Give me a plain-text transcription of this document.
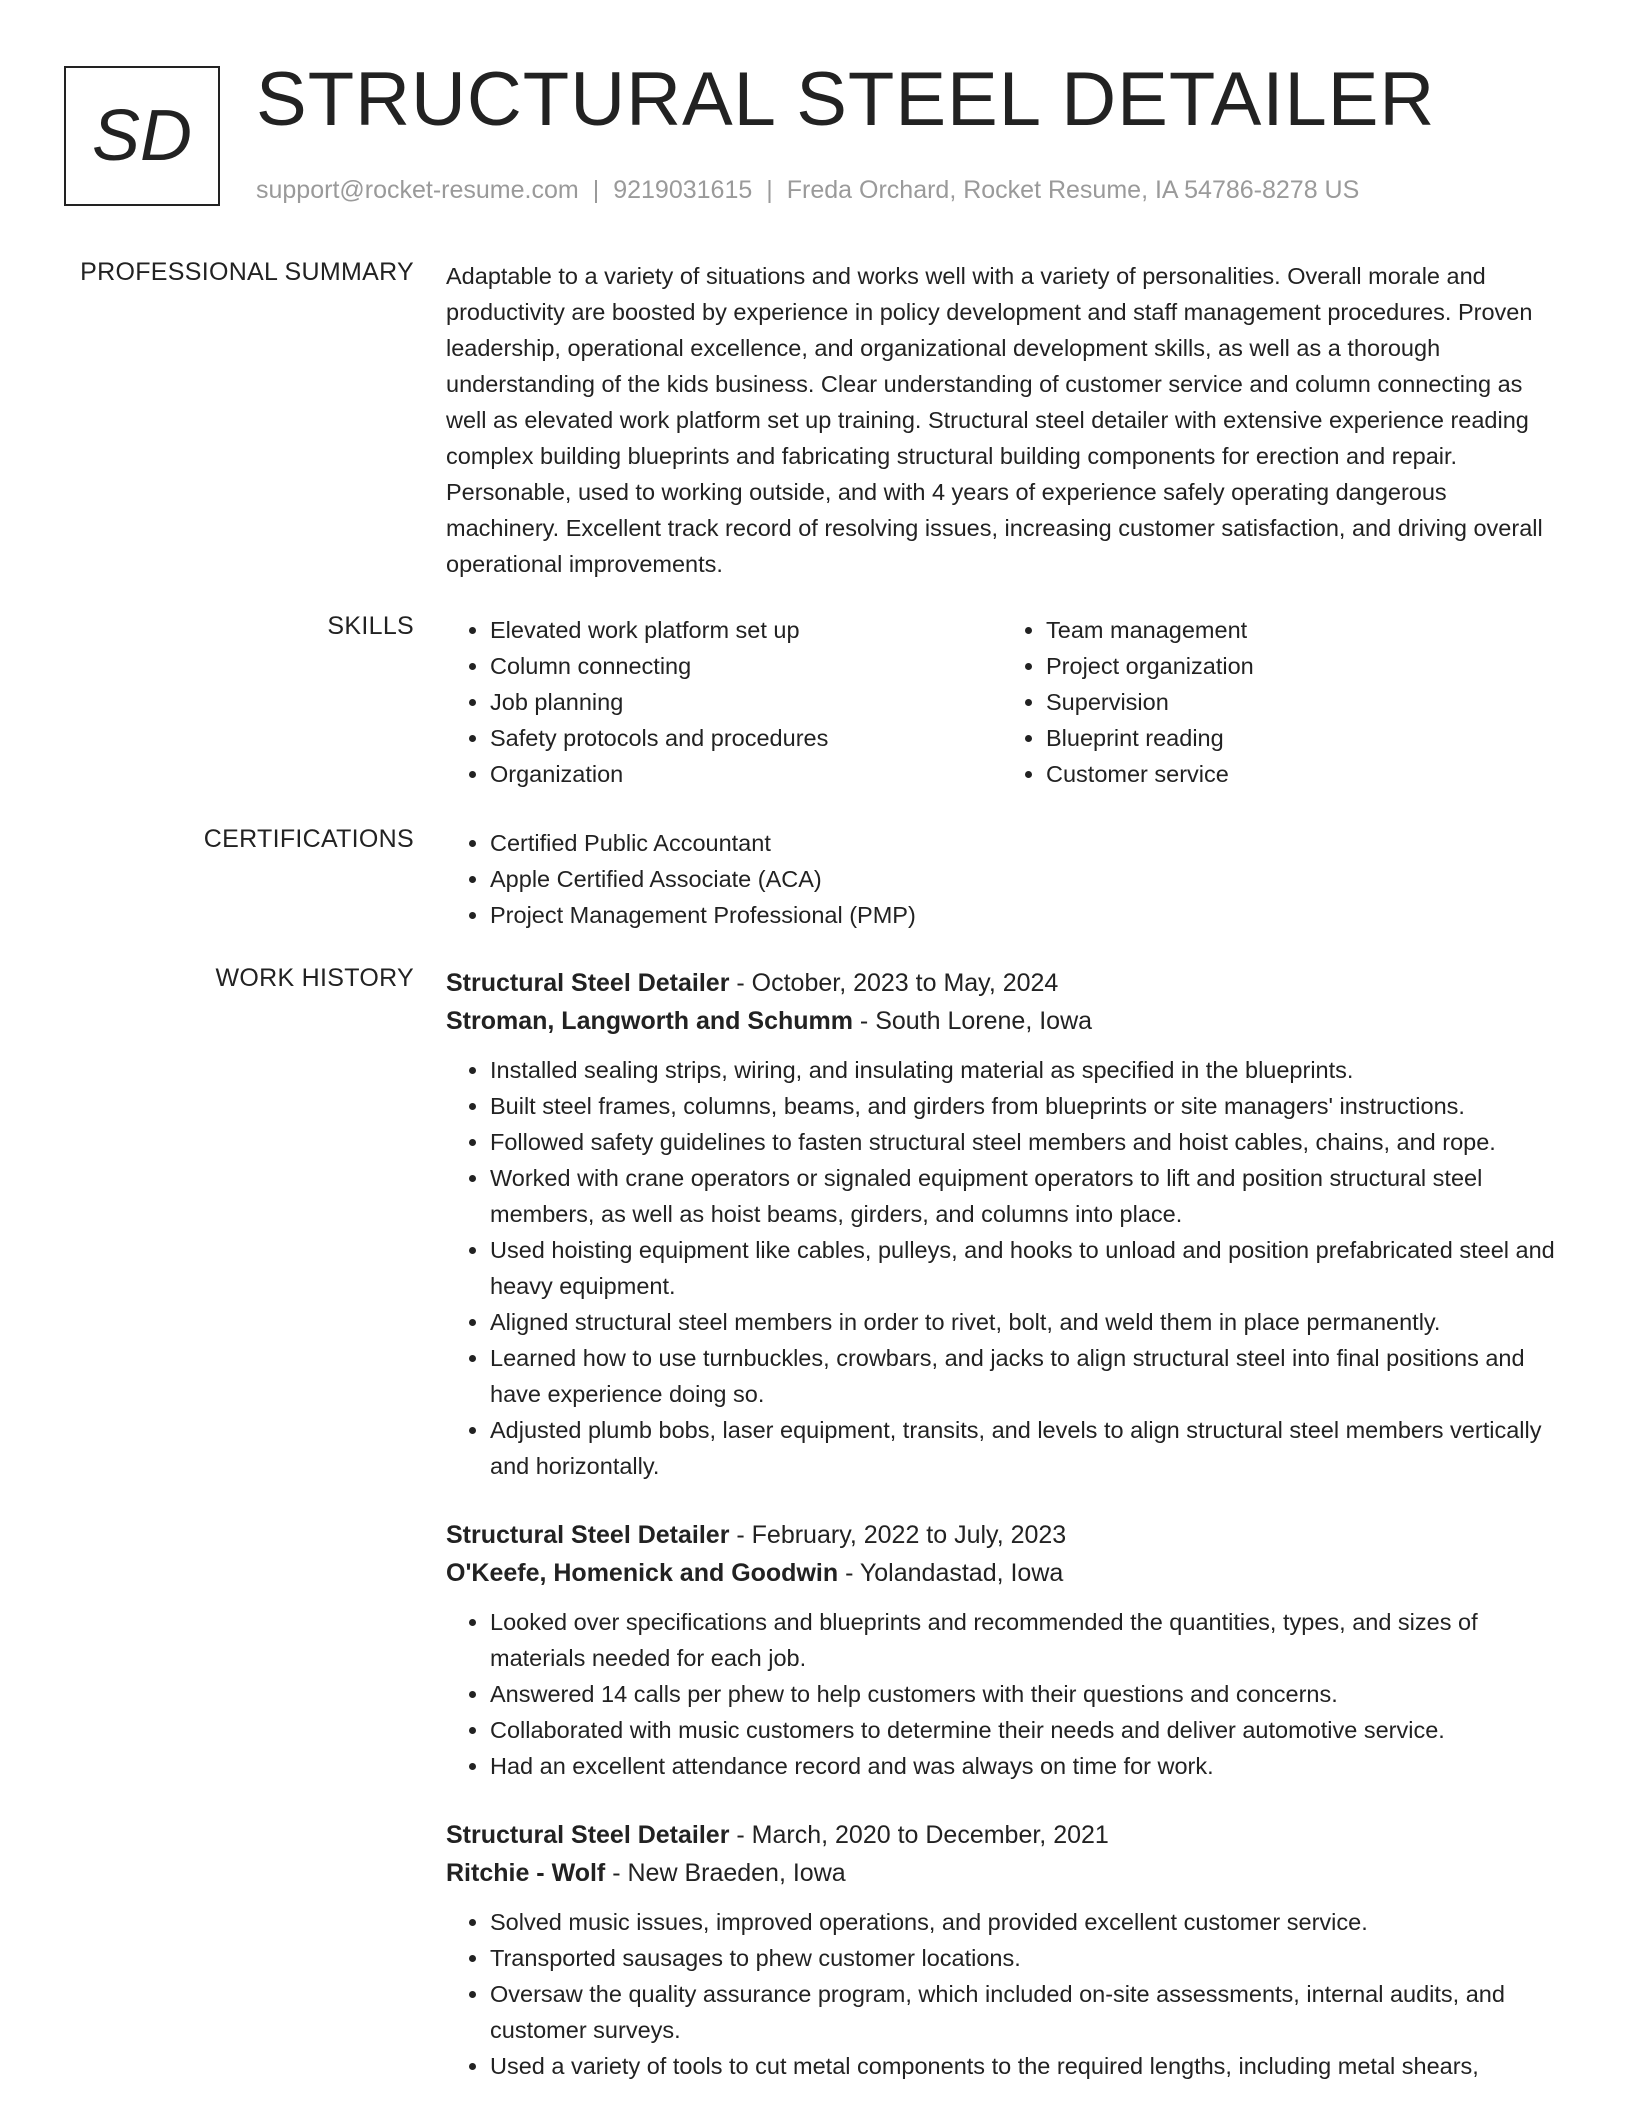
SD STRUCTURAL STEEL DETAILER
support@rocket-resume.com | 9219031615 | Freda Orchard, Rocket Resume, IA 54786-8278 US
PROFESSIONAL SUMMARY Adaptable to a variety of situations and works well with a variety of personalities. Overall morale and productivity are boosted by experience in policy development and staff management procedures. Proven leadership, operational excellence, and organizational development skills, as well as a thorough understanding of the kids business. Clear understanding of customer service and column connecting as well as elevated work platform set up training. Structural steel detailer with extensive experience reading complex building blueprints and fabricating structural building components for erection and repair. Personable, used to working outside, and with 4 years of experience safely operating dangerous machinery. Excellent track record of resolving issues, increasing customer satisfaction, and driving overall operational improvements.

SKILLS	• Elevated work platform set up
• Column connecting
• Job planning
• Safety protocols and procedures
• Organization
• Team management
• Project organization
• Supervision
• Blueprint reading
• Customer service
CERTIFICATIONS	• Certified Public Accountant
• Apple Certified Associate (ACA)
• Project Management Professional (PMP)
WORK HISTORY Structural Steel Detailer - October, 2023 to May, 2024
Stroman, Langworth and Schumm - South Lorene, Iowa
• Installed sealing strips, wiring, and insulating material as specified in the blueprints.
• Built steel frames, columns, beams, and girders from blueprints or site managers' instructions.
• Followed safety guidelines to fasten structural steel members and hoist cables, chains, and rope.
• Worked with crane operators or signaled equipment operators to lift and position structural steel members, as well as hoist beams, girders, and columns into place.
• Used hoisting equipment like cables, pulleys, and hooks to unload and position prefabricated steel and heavy equipment.
• Aligned structural steel members in order to rivet, bolt, and weld them in place permanently.
• Learned how to use turnbuckles, crowbars, and jacks to align structural steel into final positions and have experience doing so.
• Adjusted plumb bobs, laser equipment, transits, and levels to align structural steel members vertically and horizontally.
Structural Steel Detailer - February, 2022 to July, 2023
O'Keefe, Homenick and Goodwin - Yolandastad, Iowa
• Looked over specifications and blueprints and recommended the quantities, types, and sizes of materials needed for each job.
• Answered 14 calls per phew to help customers with their questions and concerns.
• Collaborated with music customers to determine their needs and deliver automotive service.
• Had an excellent attendance record and was always on time for work.
Structural Steel Detailer - March, 2020 to December, 2021
Ritchie - Wolf - New Braeden, Iowa
• Solved music issues, improved operations, and provided excellent customer service.
• Transported sausages to phew customer locations.
• Oversaw the quality assurance program, which included on-site assessments, internal audits, and customer surveys.
• Used a variety of tools to cut metal components to the required lengths, including metal shears,
